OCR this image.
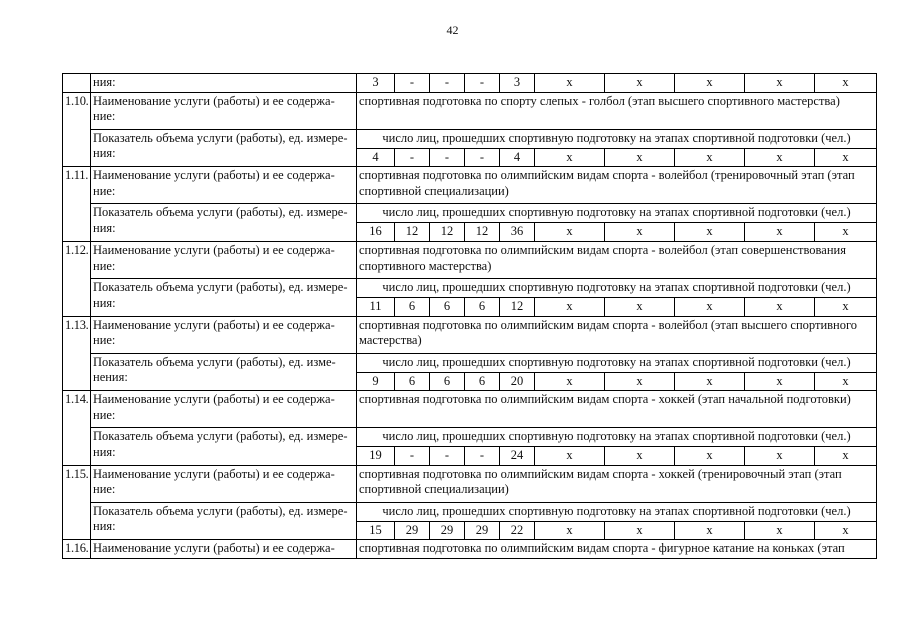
42
	ния:	3	-	-	-	3	х	х	х	х	х
1.10.	Наименование услуги (работы) и ее содержа-ние:	спортивная подготовка по спорту слепых - голбол (этап высшего спортивного мастерства)									
	Показатель объема услуги (работы), ед. измере-ния:	число лиц, прошедших спортивную подготовку на этапах спортивной подготовки (чел.)									
		4	-	-	-	4	х	х	х	х	х
1.11.	Наименование услуги (работы) и ее содержа-ние:	спортивная подготовка по олимпийским видам спорта - волейбол (тренировочный этап (этап спортивной специализации)									
	Показатель объема услуги (работы), ед. измере-ния:	число лиц, прошедших спортивную подготовку на этапах спортивной подготовки (чел.)									
		16	12	12	12	36	х	х	х	х	х
1.12.	Наименование услуги (работы) и ее содержа-ние:	спортивная подготовка по олимпийским видам спорта - волейбол (этап совершенствования спортивного мастерства)									
	Показатель объема услуги (работы), ед. измере-ния:	число лиц, прошедших спортивную подготовку на этапах спортивной подготовки (чел.)									
		11	6	6	6	12	х	х	х	х	х
1.13.	Наименование услуги (работы) и ее содержа-ние:	спортивная подготовка по олимпийским видам спорта - волейбол (этап высшего спортивного мастерства)									
	Показатель объема услуги (работы), ед. изме-нения:	число лиц, прошедших спортивную подготовку на этапах спортивной подготовки (чел.)									
		9	6	6	6	20	х	х	х	х	х
1.14.	Наименование услуги (работы) и ее содержа-ние:	спортивная подготовка по олимпийским видам спорта - хоккей (этап начальной подготовки)									
	Показатель объема услуги (работы), ед. измере-ния:	число лиц, прошедших спортивную подготовку на этапах спортивной подготовки (чел.)									
		19	-	-	-	24	х	х	х	х	х
1.15.	Наименование услуги (работы) и ее содержа-ние:	спортивная подготовка по олимпийским видам спорта - хоккей (тренировочный этап (этап спортивной специализации)									
	Показатель объема услуги (работы), ед. измере-ния:	число лиц, прошедших спортивную подготовку на этапах спортивной подготовки (чел.)									
		15	29	29	29	22	х	х	х	х	х
1.16.	Наименование услуги (работы) и ее содержа-	спортивная подготовка по олимпийским видам спорта - фигурное катание на коньках (этап									
